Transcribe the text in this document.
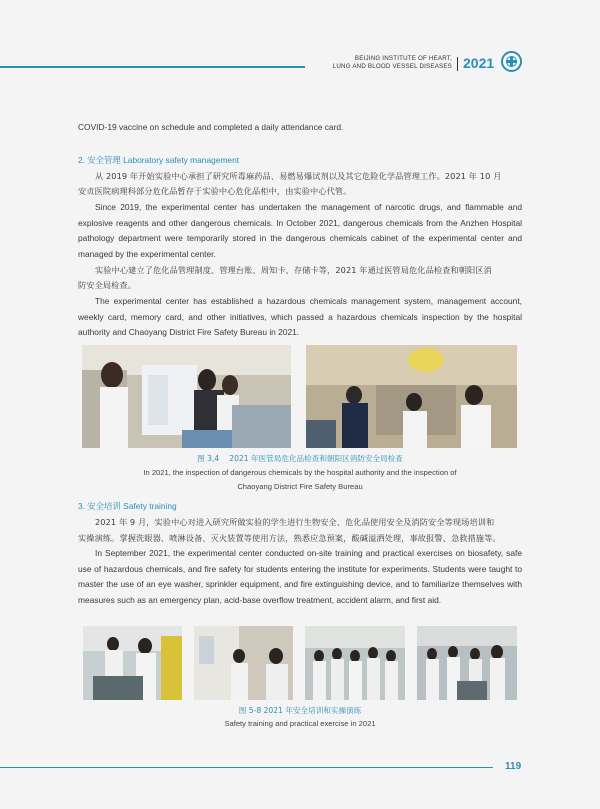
BEIJING INSTITUTE OF HEART,
LUNG AND BLOOD VESSEL DISEASES 2021
COVID-19 vaccine on schedule and completed a daily attendance card.
2. 安全管理 Laboratory safety management
从 2019 年开始实验中心承担了研究所毒麻药品、易燃易爆试剂以及其它危险化学品管理工作。2021 年 10 月
安贞医院病理科部分危化品暂存于实验中心危化品柜中，由实验中心代管。
Since 2019, the experimental center has undertaken the management of narcotic drugs, and flammable and explosive reagents and other dangerous chemicals. In October 2021, dangerous chemicals from the Anzhen Hospital pathology department were temporarily stored in the dangerous chemicals cabinet of the experimental center and managed by the experimental center.
实验中心建立了危化品管理制度、管理台账、周知卡、存储卡等，2021 年通过医管局危化品检查和朝阳区消
防安全局检查。
The experimental center has established a hazardous chemicals management system, management account, weekly card, memory card, and other initiatives, which passed a hazardous chemicals inspection by the hospital authority and Chaoyang District Fire Safety Bureau in 2021.
图 3,4　 2021 年医管局危化品检查和朝阳区消防安全局检查
In 2021, the inspection of dangerous chemicals by the hospital authority and the inspection of
Chaoyang District Fire Safety Bureau
3. 安全培训 Safety training
2021 年 9 月，实验中心对进入研究所做实验的学生进行生物安全、危化品使用安全及消防安全等现场培训和
实操演练。掌握洗眼器、喷淋设备、灭火装置等使用方法，熟悉应急预案，酸碱溢洒处理，事故报警、急救措施等。
In September 2021, the experimental center conducted on-site training and practical exercises on biosafety, safe use of hazardous chemicals, and fire safety for students entering the institute for experiments. Students were taught to master the use of an eye washer, sprinkler equipment, and fire extinguishing device, and to familiarize themselves with measures such as an emergency plan, acid-base overflow treatment, accident alarm, and first aid.
图 5-8 2021 年安全培训和实操演练
Safety training and practical exercise in 2021
119
